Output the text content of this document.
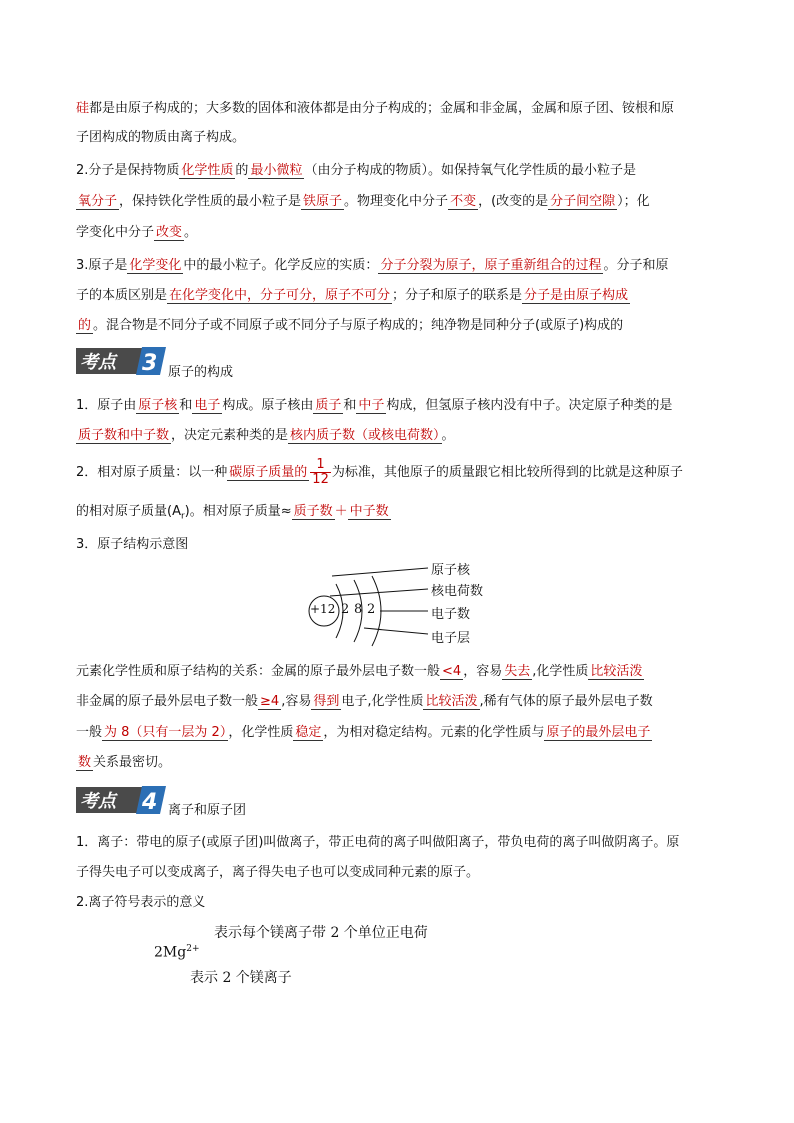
硅都是由原子构成的；大多数的固体和液体都是由分子构成的；金属和非金属，金属和原子团、铵根和原
子团构成的物质由离子构成。
2.分子是保持物质 化学性质 的 最小微粒 （由分子构成的物质）。如保持氧气化学性质的最小粒子是
氧分子 ，保持铁化学性质的最小粒子是 铁原子 。物理变化中分子 不变 ，(改变的是 分子间空隙 ）；化
学变化中分子 改变 。
3.原子是 化学变化 中的最小粒子。化学反应的实质： 分子分裂为原子，原子重新组合的过程 。分子和原
子的本质区别是 在化学变化中，分子可分，原子不可分 ；分子和原子的联系是 分子是由原子构成
的 。混合物是不同分子或不同原子或不同分子与原子构成的；纯净物是同种分子(或原子)构成的
考点 3 原子的构成
1．原子由 原子核 和 电子 构成。原子核由 质子 和 中子 构成，但氢原子核内没有中子。决定原子种类的是
质子数和中子数 ，决定元素种类的是 核内质子数（或核电荷数） 。
2．相对原子质量：以一种 碳原子质量的 $\frac{1}{12}$ 为标准，其他原子的质量跟它相比较所得到的比就是这种原子
的相对原子质量$(A_r)$。相对原子质量≈ 质子数 ＋ 中子数
3．原子结构示意图
+12 2 8 2
原子核
核电荷数
电子数
电子层
元素化学性质和原子结构的关系：金属的原子最外层电子数一般 <4 ，容易 失去 ,化学性质 比较活泼
非金属的原子最外层电子数一般 ≥4 ,容易 得到 电子,化学性质 比较活泼 ,稀有气体的原子最外层电子数
一般 为 8（只有一层为 2） ，化学性质 稳定 ，为相对稳定结构。元素的化学性质与 原子的最外层电子
数 关系最密切。
考点 4 离子和原子团
1．离子：带电的原子(或原子团)叫做离子，带正电荷的离子叫做阳离子，带负电荷的离子叫做阴离子。原
子得失电子可以变成离子，离子得失电子也可以变成同种元素的原子。
2.离子符号表示的意义
表示每个镁离子带 2 个单位正电荷
$2Mg^{2+}$
表示 2 个镁离子
